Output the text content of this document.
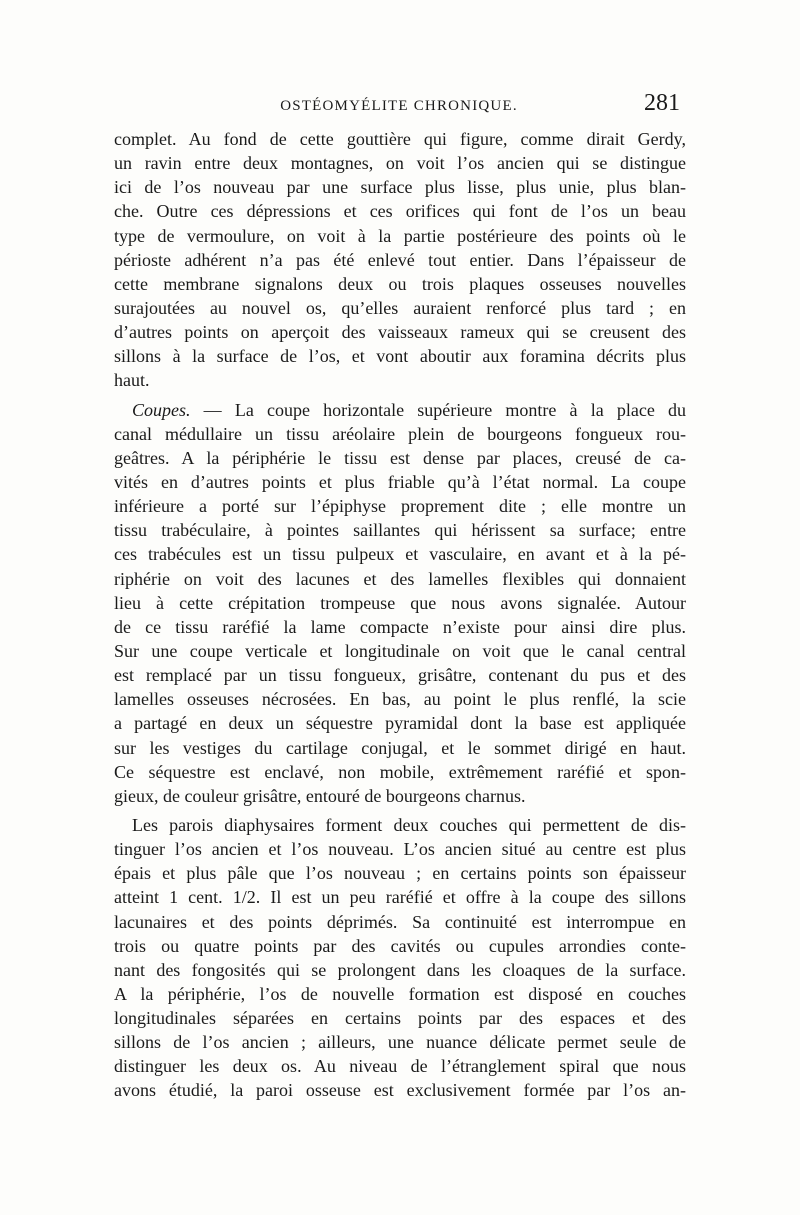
OSTÉOMYÉLITE CHRONIQUE.	281
complet. Au fond de cette gouttière qui figure, comme dirait Gerdy,
un ravin entre deux montagnes, on voit l’os ancien qui se distingue
ici de l’os nouveau par une surface plus lisse, plus unie, plus blan-
che. Outre ces dépressions et ces orifices qui font de l’os un beau
type de vermoulure, on voit à la partie postérieure des points où le
périoste adhérent n’a pas été enlevé tout entier. Dans l’épaisseur de
cette membrane signalons deux ou trois plaques osseuses nouvelles
surajoutées au nouvel os, qu’elles auraient renforcé plus tard ; en
d’autres points on aperçoit des vaisseaux rameux qui se creusent des
sillons à la surface de l’os, et vont aboutir aux foramina décrits plus
haut.
Coupes. — La coupe horizontale supérieure montre à la place du
canal médullaire un tissu aréolaire plein de bourgeons fongueux rou-
geâtres. A la périphérie le tissu est dense par places, creusé de ca-
vités en d’autres points et plus friable qu’à l’état normal. La coupe
inférieure a porté sur l’épiphyse proprement dite ; elle montre un
tissu trabéculaire, à pointes saillantes qui hérissent sa surface; entre
ces trabécules est un tissu pulpeux et vasculaire, en avant et à la pé-
riphérie on voit des lacunes et des lamelles flexibles qui donnaient
lieu à cette crépitation trompeuse que nous avons signalée. Autour
de ce tissu raréfié la lame compacte n’existe pour ainsi dire plus.
Sur une coupe verticale et longitudinale on voit que le canal central
est remplacé par un tissu fongueux, grisâtre, contenant du pus et des
lamelles osseuses nécrosées. En bas, au point le plus renflé, la scie
a partagé en deux un séquestre pyramidal dont la base est appliquée
sur les vestiges du cartilage conjugal, et le sommet dirigé en haut.
Ce séquestre est enclavé, non mobile, extrêmement raréfié et spon-
gieux, de couleur grisâtre, entouré de bourgeons charnus.
Les parois diaphysaires forment deux couches qui permettent de dis-
tinguer l’os ancien et l’os nouveau. L’os ancien situé au centre est plus
épais et plus pâle que l’os nouveau ; en certains points son épaisseur
atteint 1 cent. 1/2. Il est un peu raréfié et offre à la coupe des sillons
lacunaires et des points déprimés. Sa continuité est interrompue en
trois ou quatre points par des cavités ou cupules arrondies conte-
nant des fongosités qui se prolongent dans les cloaques de la surface.
A la périphérie, l’os de nouvelle formation est disposé en couches
longitudinales séparées en certains points par des espaces et des
sillons de l’os ancien ; ailleurs, une nuance délicate permet seule de
distinguer les deux os. Au niveau de l’étranglement spiral que nous
avons étudié, la paroi osseuse est exclusivement formée par l’os an-
